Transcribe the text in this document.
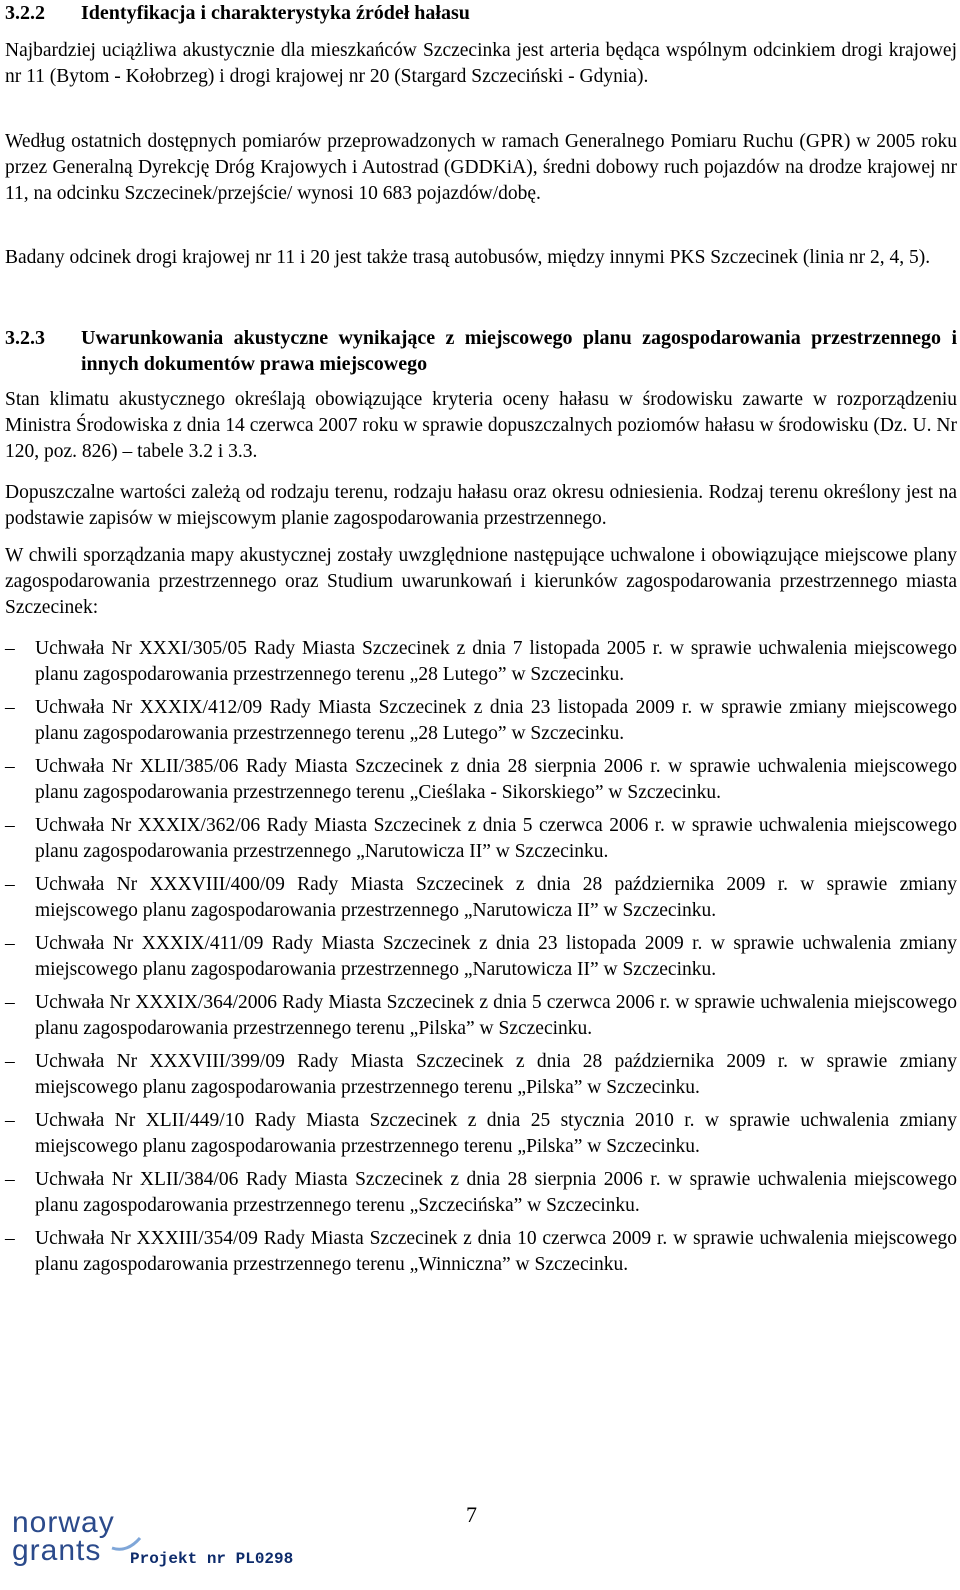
3.2.2 Identyfikacja i charakterystyka źródeł hałasu

Najbardziej uciążliwa akustycznie dla mieszkańców Szczecinka jest arteria będąca wspólnym odcinkiem drogi krajowej nr 11 (Bytom - Kołobrzeg) i drogi krajowej nr 20 (Stargard Szczeciński - Gdynia).

Według ostatnich dostępnych pomiarów przeprowadzonych w ramach Generalnego Pomiaru Ruchu (GPR) w 2005 roku przez Generalną Dyrekcję Dróg Krajowych i Autostrad (GDDKiA), średni dobowy ruch pojazdów na drodze krajowej nr 11, na odcinku Szczecinek/przejście/ wynosi 10 683 pojazdów/dobę.

Badany odcinek drogi krajowej nr 11 i 20 jest także trasą autobusów, między innymi PKS Szczecinek (linia nr 2, 4, 5).

3.2.3	Uwarunkowania akustyczne wynikające z miejscowego planu zagospodarowania przestrzennego i innych dokumentów prawa miejscowego

Stan klimatu akustycznego określają obowiązujące kryteria oceny hałasu w środowisku zawarte w rozporządzeniu Ministra Środowiska z dnia 14 czerwca 2007 roku w sprawie dopuszczalnych poziomów hałasu w środowisku (Dz. U. Nr 120, poz. 826) – tabele 3.2 i 3.3.

Dopuszczalne wartości zależą od rodzaju terenu, rodzaju hałasu oraz okresu odniesienia. Rodzaj terenu określony jest na podstawie zapisów w miejscowym planie zagospodarowania przestrzennego.

W chwili sporządzania mapy akustycznej zostały uwzględnione następujące uchwalone i obowiązujące miejscowe plany zagospodarowania przestrzennego oraz Studium uwarunkowań i kierunków zagospodarowania przestrzennego miasta Szczecinek:

–	Uchwała Nr XXXI/305/05 Rady Miasta Szczecinek z dnia 7 listopada 2005 r. w sprawie uchwalenia miejscowego planu zagospodarowania przestrzennego terenu „28 Lutego” w Szczecinku.
–	Uchwała Nr XXXIX/412/09 Rady Miasta Szczecinek z dnia 23 listopada 2009 r. w sprawie zmiany miejscowego planu zagospodarowania przestrzennego terenu „28 Lutego” w Szczecinku.
–	Uchwała Nr XLII/385/06 Rady Miasta Szczecinek z dnia 28 sierpnia 2006 r. w sprawie uchwalenia miejscowego planu zagospodarowania przestrzennego terenu „Cieślaka - Sikorskiego” w Szczecinku.
–	Uchwała Nr XXXIX/362/06 Rady Miasta Szczecinek z dnia 5 czerwca 2006 r. w sprawie uchwalenia miejscowego planu zagospodarowania przestrzennego „Narutowicza II” w Szczecinku.
–	Uchwała Nr XXXVIII/400/09 Rady Miasta Szczecinek z dnia 28 października 2009 r. w sprawie zmiany miejscowego planu zagospodarowania przestrzennego „Narutowicza II” w Szczecinku.
–	Uchwała Nr XXXIX/411/09 Rady Miasta Szczecinek z dnia 23 listopada 2009 r. w sprawie uchwalenia zmiany miejscowego planu zagospodarowania przestrzennego „Narutowicza II” w Szczecinku.
–	Uchwała Nr XXXIX/364/2006 Rady Miasta Szczecinek z dnia 5 czerwca 2006 r. w sprawie uchwalenia miejscowego planu zagospodarowania przestrzennego terenu „Pilska” w Szczecinku.
–	Uchwała Nr XXXVIII/399/09 Rady Miasta Szczecinek z dnia 28 października 2009 r. w sprawie zmiany miejscowego planu zagospodarowania przestrzennego terenu „Pilska” w Szczecinku.
–	Uchwała Nr XLII/449/10 Rady Miasta Szczecinek z dnia 25 stycznia 2010 r. w sprawie uchwalenia zmiany miejscowego planu zagospodarowania przestrzennego terenu „Pilska” w Szczecinku.
–	Uchwała Nr XLII/384/06 Rady Miasta Szczecinek z dnia 28 sierpnia 2006 r. w sprawie uchwalenia miejscowego planu zagospodarowania przestrzennego terenu „Szczecińska” w Szczecinku.
–	Uchwała Nr XXXIII/354/09 Rady Miasta Szczecinek z dnia 10 czerwca 2009 r. w sprawie uchwalenia miejscowego planu zagospodarowania przestrzennego terenu „Winniczna” w Szczecinku.
7
norway
grants Projekt nr PL0298
